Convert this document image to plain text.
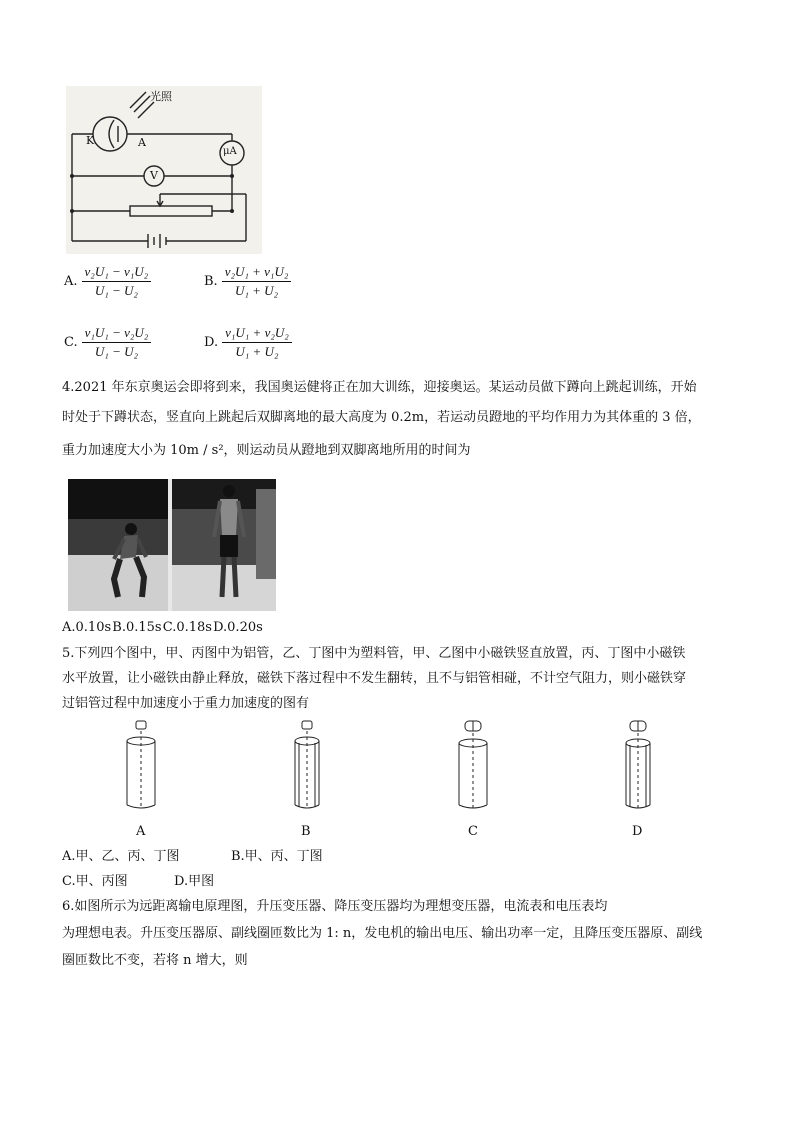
光照
K	A
μA
V
A. $\frac{\text{ν₂U₁ − ν₁U₂}}{\text{U₁ − U₂}}$	B. $\frac{\text{ν₂U₁ + ν₁U₂}}{\text{U₁ + U₂}}$
C. $\frac{\text{ν₁U₁ − ν₂U₂}}{\text{U₁ − U₂}}$	D. $\frac{\text{ν₁U₁ + ν₂U₂}}{\text{U₁ + U₂}}$
4.2021 年东京奥运会即将到来，我国奥运健将正在加大训练，迎接奥运。某运动员做下蹲向上跳起训练，开始
时处于下蹲状态，竖直向上跳起后双脚离地的最大高度为 0.2m，若运动员蹬地的平均作用力为其体重的 3 倍，
重力加速度大小为 10m / s²，则运动员从蹬地到双脚离地所用的时间为
A.0.10s B.0.15s C.0.18s D.0.20s
5.下列四个图中，甲、丙图中为铝管，乙、丁图中为塑料管，甲、乙图中小磁铁竖直放置，丙、丁图中小磁铁
水平放置，让小磁铁由静止释放，磁铁下落过程中不发生翻转，且不与铝管相碰，不计空气阻力，则小磁铁穿
过铝管过程中加速度小于重力加速度的图有
A	B	C	D
A.甲、乙、丙、丁图	B.甲、丙、丁图
C.甲、丙图	D.甲图
6.如图所示为远距离输电原理图，升压变压器、降压变压器均为理想变压器，电流表和电压表均
为理想电表。升压变压器原、副线圈匝数比为 1: n，发电机的输出电压、输出功率一定，且降压变压器原、副线
圈匝数比不变，若将 n 增大，则
